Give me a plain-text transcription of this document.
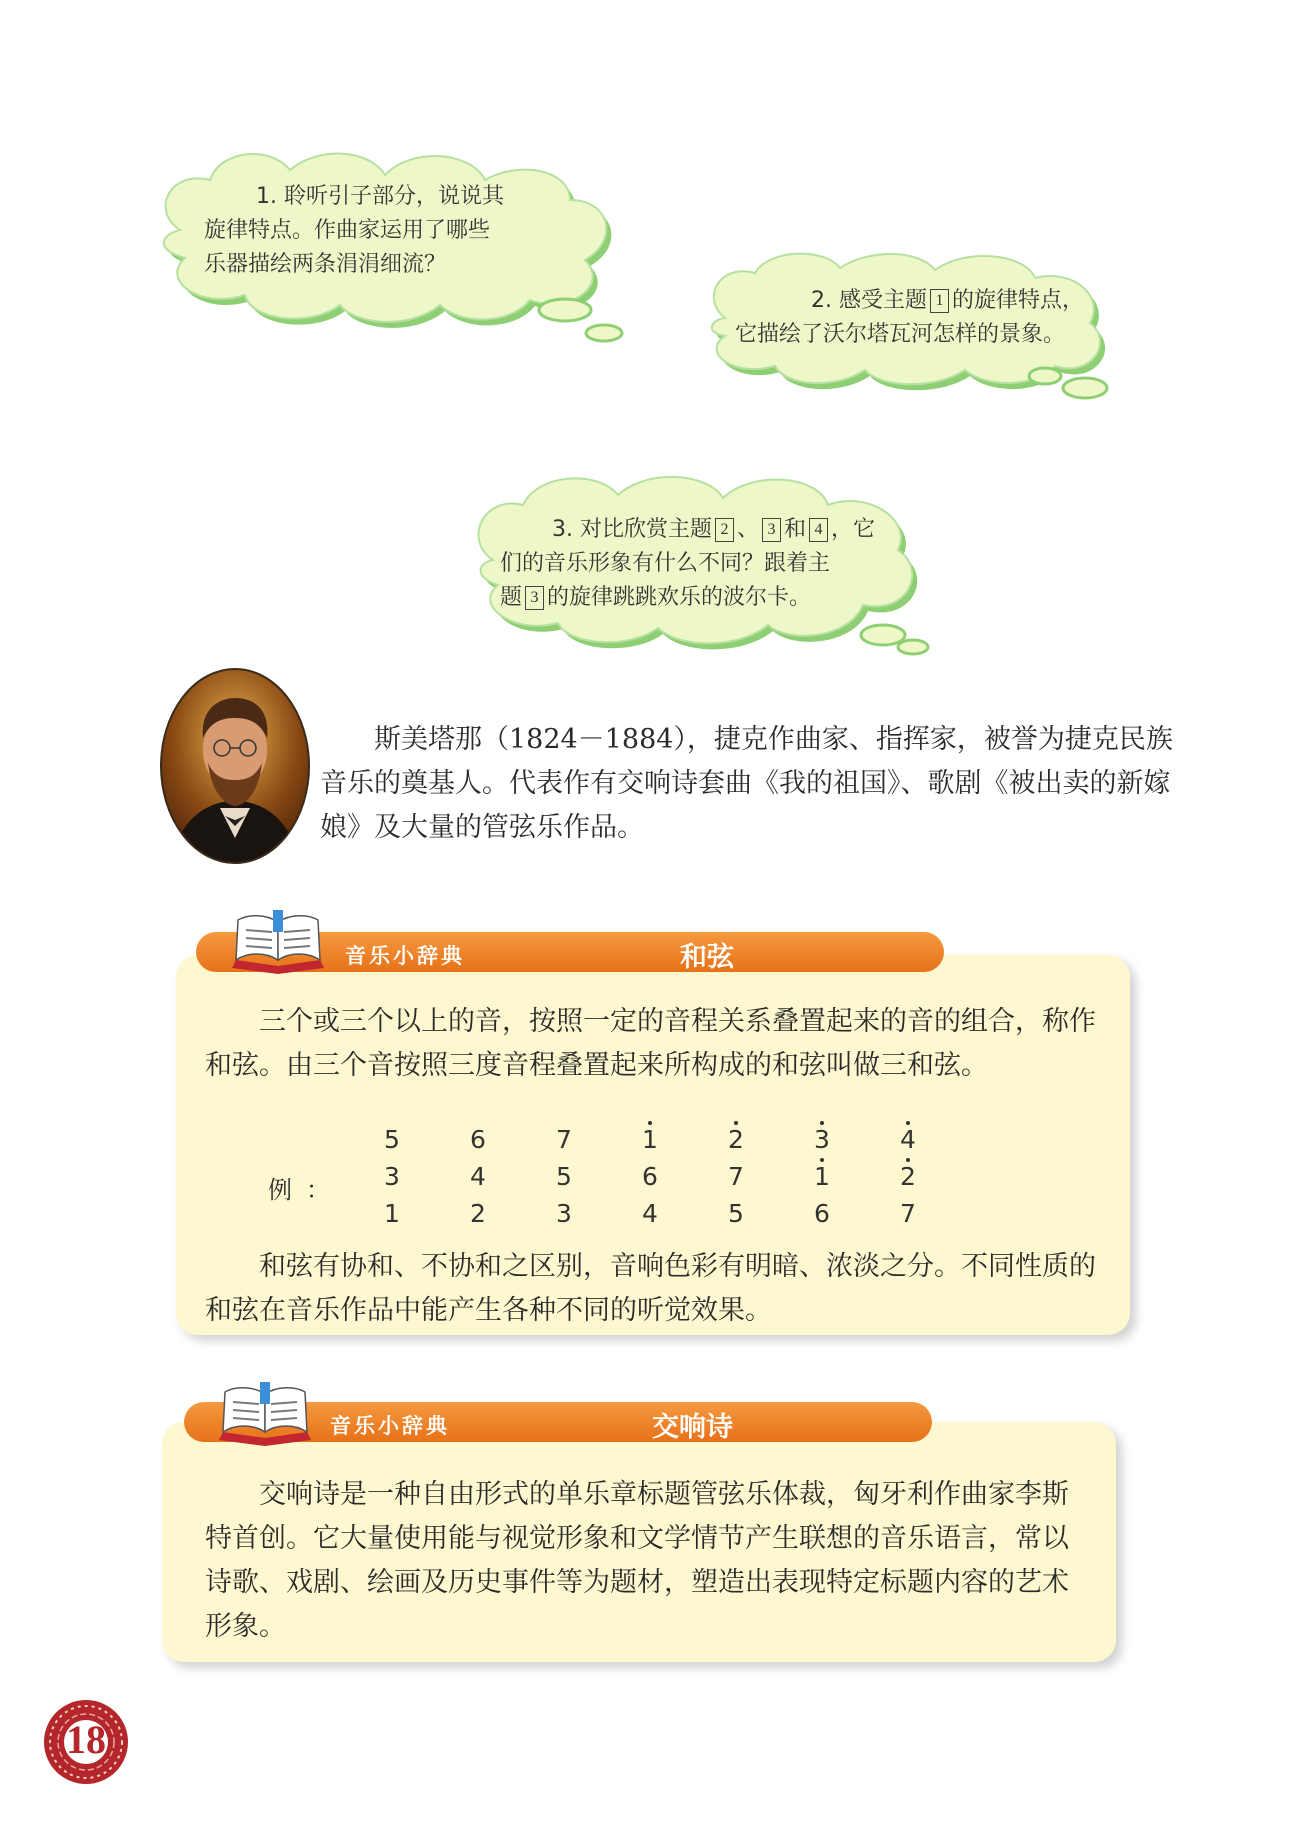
1. 聆听引子部分，说说其
旋律特点。作曲家运用了哪些
乐器描绘两条涓涓细流？
2. 感受主题 1 的旋律特点，
它描绘了沃尔塔瓦河怎样的景象。
3. 对比欣赏主题 2 、 3 和 4 ，它
们的音乐形象有什么不同？跟着主
题 3 的旋律跳跳欢乐的波尔卡。
斯美塔那（1824－1884），捷克作曲家、指挥家，被誉为捷克民族音乐的奠基人。代表作有交响诗套曲《我的祖国》、歌剧《被出卖的新嫁娘》及大量的管弦乐作品。
音乐小辞典	和弦

三个或三个以上的音，按照一定的音程关系叠置起来的音的组合，称作和弦。由三个音按照三度音程叠置起来所构成的和弦叫做三和弦。

例：
5
3
1
6
4
2
7
5
3
1
6
4
2
7
5
3
1
6
4
2
7

和弦有协和、不协和之区别，音响色彩有明暗、浓淡之分。不同性质的和弦在音乐作品中能产生各种不同的听觉效果。

音乐小辞典	交响诗

交响诗是一种自由形式的单乐章标题管弦乐体裁，匈牙利作曲家李斯特首创。它大量使用能与视觉形象和文学情节产生联想的音乐语言，常以诗歌、戏剧、绘画及历史事件等为题材，塑造出表现特定标题内容的艺术形象。

18
